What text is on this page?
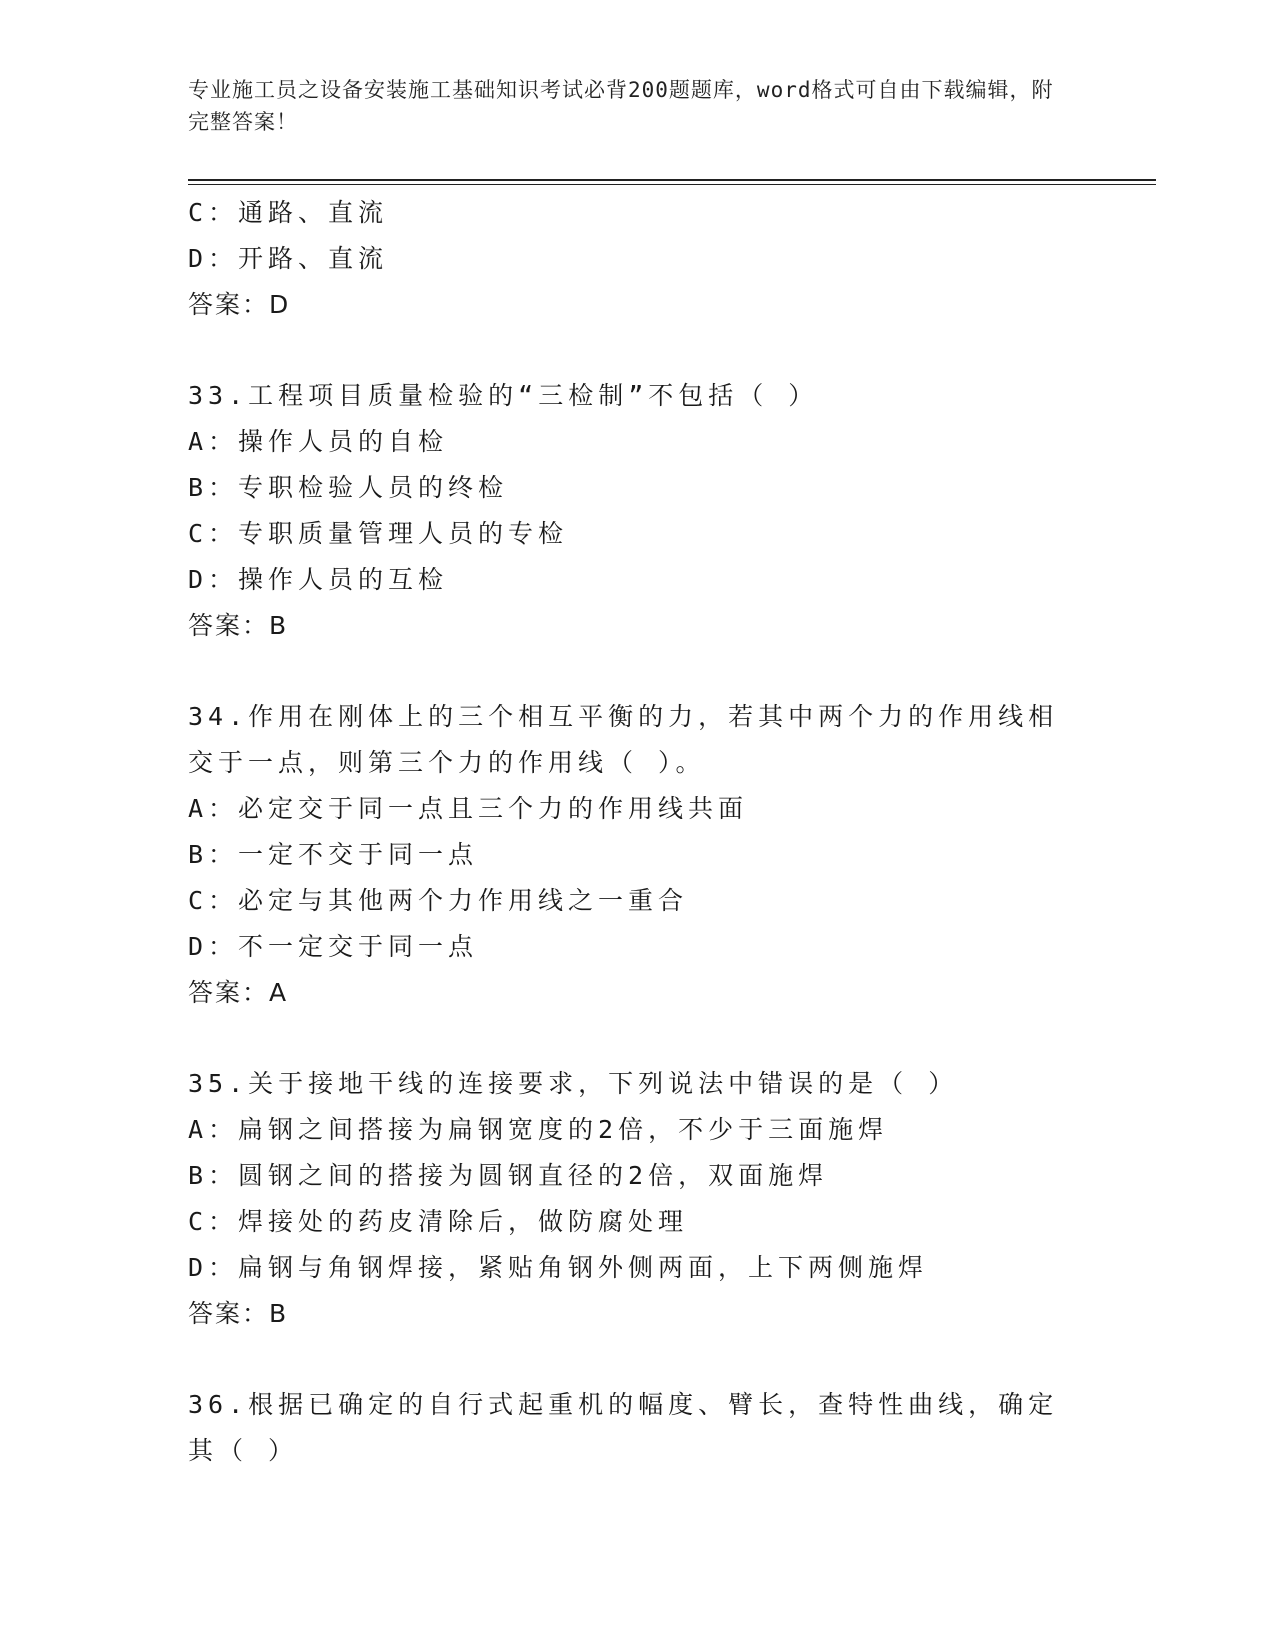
专业施工员之设备安装施工基础知识考试必背200题题库，word格式可自由下载编辑，附完整答案！
C：通路、直流
D：开路、直流
答案：D
33.工程项目质量检验的“三检制”不包括（ ）
A：操作人员的自检
B：专职检验人员的终检
C：专职质量管理人员的专检
D：操作人员的互检
答案：B
34.作用在刚体上的三个相互平衡的力，若其中两个力的作用线相交于一点，则第三个力的作用线（ ）。
A：必定交于同一点且三个力的作用线共面
B：一定不交于同一点
C：必定与其他两个力作用线之一重合
D：不一定交于同一点
答案：A
35.关于接地干线的连接要求，下列说法中错误的是（ ）
A：扁钢之间搭接为扁钢宽度的2倍，不少于三面施焊
B：圆钢之间的搭接为圆钢直径的2倍，双面施焊
C：焊接处的药皮清除后，做防腐处理
D：扁钢与角钢焊接，紧贴角钢外侧两面，上下两侧施焊
答案：B
36.根据已确定的自行式起重机的幅度、臂长，查特性曲线，确定其（ ）
